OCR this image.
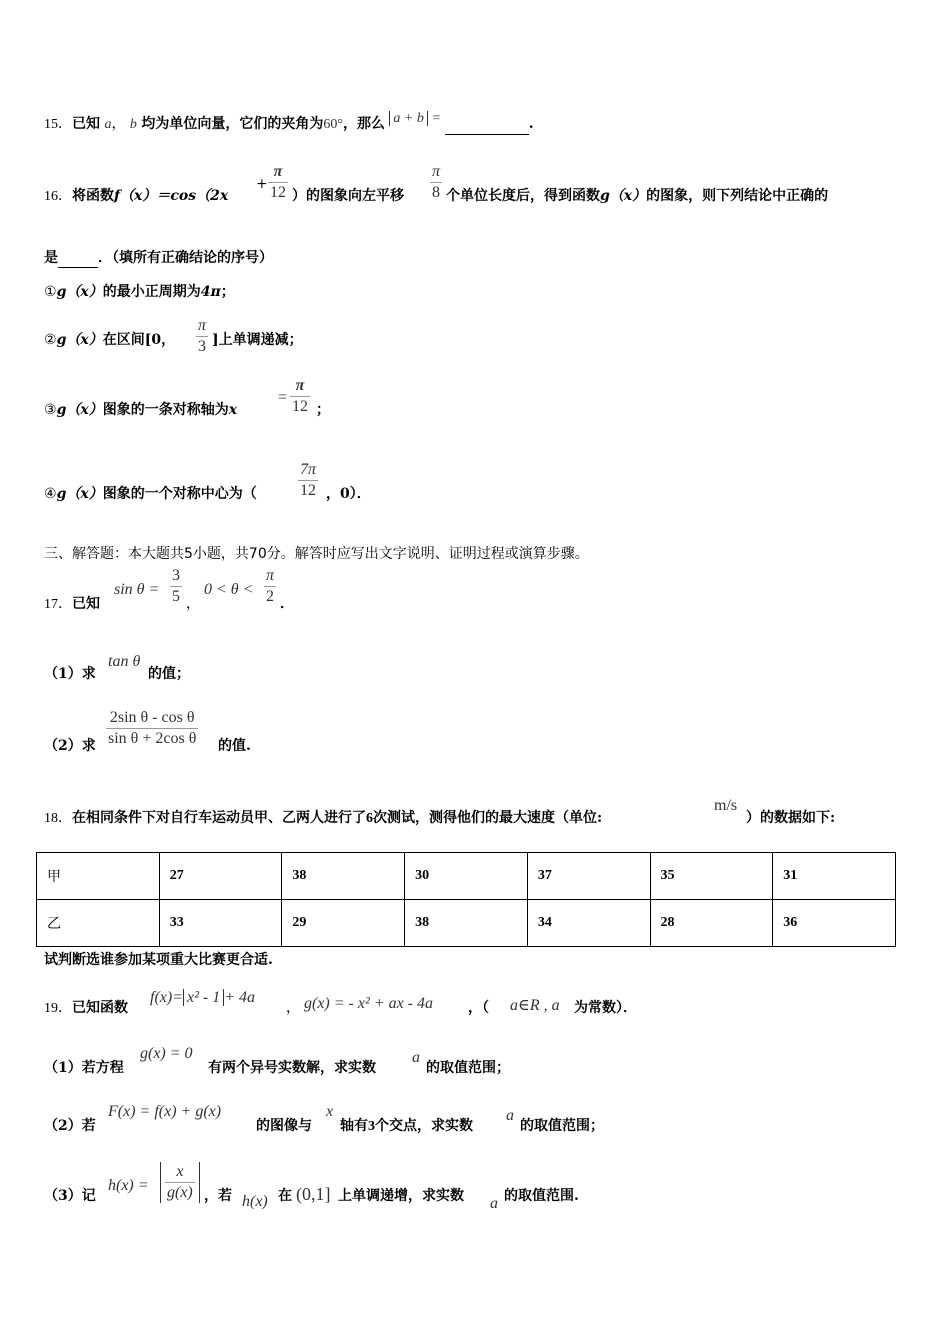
15．已知 a， b 均为单位向量，它们的夹角为60°，那么 a + b =	.
16．将函数f（x）＝cos（2x
+ $\frac{\pi}{12}$ ）的图象向左平移 $\frac{\pi}{8}$ 个单位长度后，得到函数g（x）的图象，则下列结论中正确的
是	．（填所有正确结论的序号）
①g（x）的最小正周期为4π；
②g（x）在区间[0， $\frac{\pi}{3}$ ]上单调递减；
③g（x）图象的一条对称轴为x
= $\frac{\pi}{12}$ ；
④g（x）图象的一个对称中心为（	$\frac{7\pi}{12}$ ，0）．
三、解答题：本大题共5小题，共70分。解答时应写出文字说明、证明过程或演算步骤。
17．已知
$\sin \theta = \frac{3}{5}$ ，
$0 < \theta < \frac{\pi}{2}$ ．
（1）求
tan θ
的值；
（2）求 $\frac{\text{2sin θ - cos θ}}{\text{sin θ + 2cos θ}}$ 的值.
18．在相同条件下对自行车运动员甲、乙两人进行了6次测试，测得他们的最大速度（单位:
m/s
）的数据如下:
甲	27	38	30	37	35	31
乙	33	29	38	34	28	36
试判断选谁参加某项重大比赛更合适.
19．已知函数
f(x)= x² - 1 + 4a
， g(x) = - x² + ax - 4a ，（ a∈R , a 为常数）．
（1）若方程
g(x) = 0
有两个异号实数解，求实数
a
的取值范围；
（2）若
F(x) = f(x) + g(x)
的图像与
x
轴有3个交点，求实数
a
的取值范围；
（3）记
$h(x) = \frac{x}{g(x)}$ ，若 h(x) 在 (0,1] 上单调递增，求实数 a 的取值范围.
